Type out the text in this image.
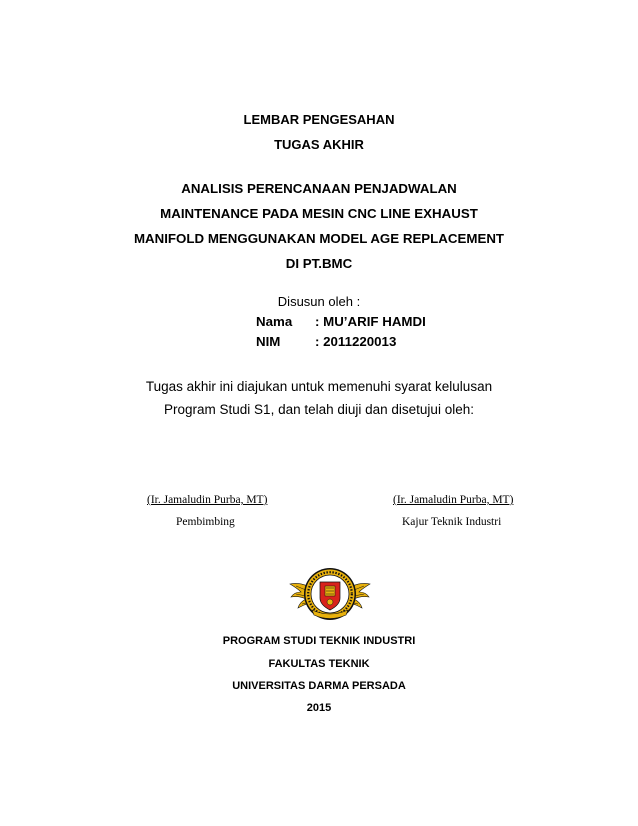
LEMBAR PENGESAHAN
TUGAS AKHIR
ANALISIS PERENCANAAN PENJADWALAN
MAINTENANCE PADA MESIN CNC LINE EXHAUST
MANIFOLD MENGGUNAKAN MODEL AGE REPLACEMENT
DI PT.BMC
Disusun oleh :
Nama : MU’ARIF HAMDI
NIM	: 2011220013
Tugas akhir ini diajukan untuk memenuhi syarat kelulusan
Program Studi S1, dan telah diuji dan disetujui oleh:
(Ir. Jamaludin Purba, MT)
Pembimbing
(Ir. Jamaludin Purba, MT)
Kajur Teknik Industri
PROGRAM STUDI TEKNIK INDUSTRI
FAKULTAS TEKNIK
UNIVERSITAS DARMA PERSADA
2015
